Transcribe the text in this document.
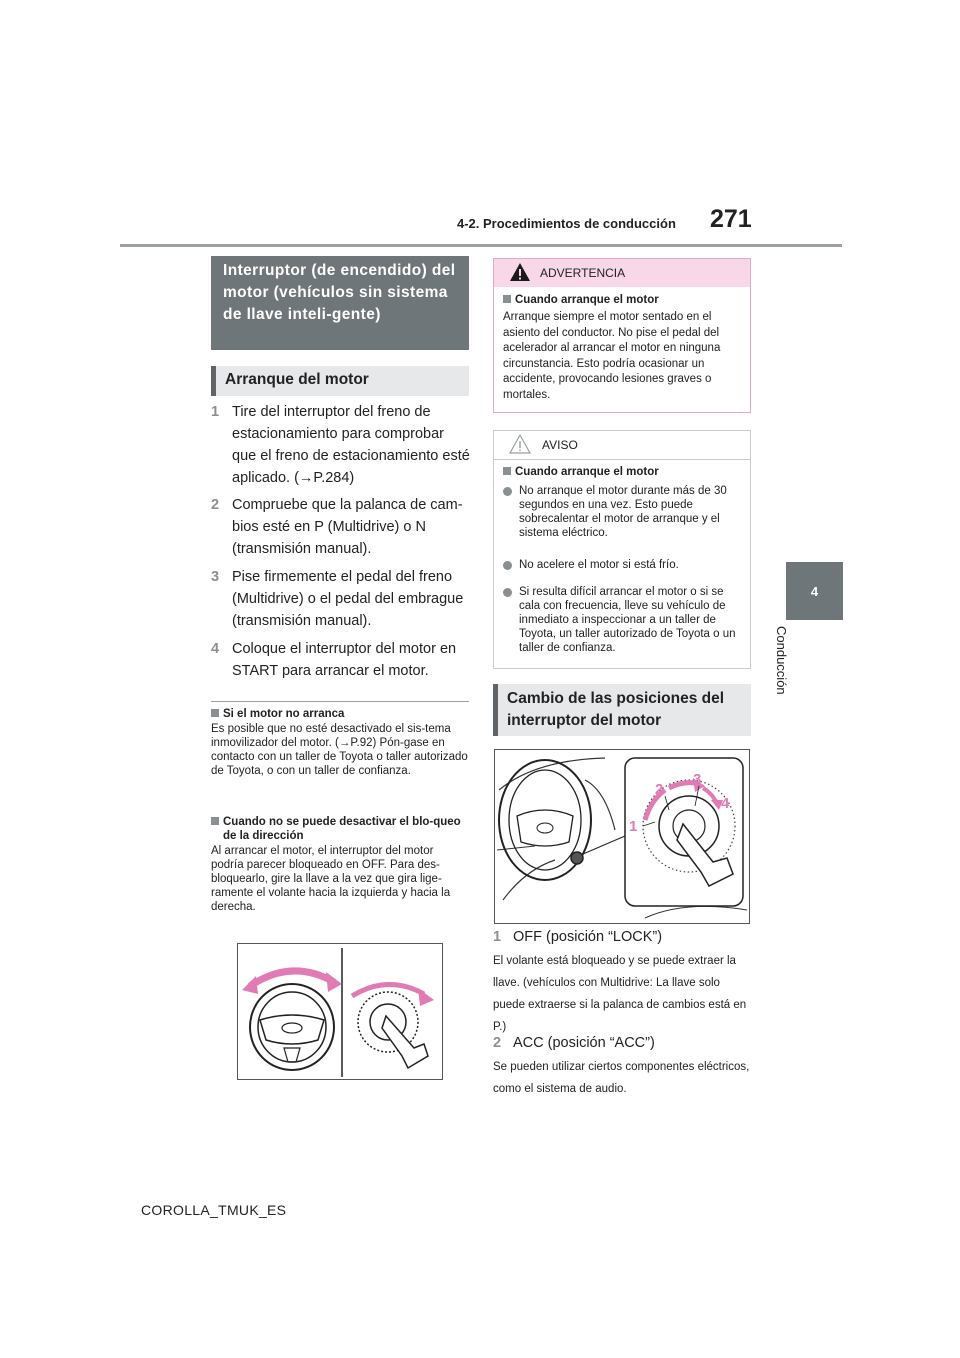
4-2. Procedimientos de conducción 271
4
Conducción
Interruptor (de encendido) del motor (vehículos sin sistema de llave inteli-gente)
Arranque del motor
1 Tire del interruptor del freno de estacionamiento para comprobar que el freno de estacionamiento esté aplicado. (→P.284)
2 Compruebe que la palanca de cam-bios esté en P (Multidrive) o N (transmisión manual).
3 Pise firmemente el pedal del freno (Multidrive) o el pedal del embrague (transmisión manual).
4 Coloque el interruptor del motor en START para arrancar el motor.
Si el motor no arranca
Es posible que no esté desactivado el sis-tema inmovilizador del motor. (→P.92) Pón-gase en contacto con un taller de Toyota o taller autorizado de Toyota, o con un taller de confianza.
Cuando no se puede desactivar el blo-queo de la dirección
Al arrancar el motor, el interruptor del motor podría parecer bloqueado en OFF. Para des-bloquearlo, gire la llave a la vez que gira lige-ramente el volante hacia la izquierda y hacia la derecha.
ADVERTENCIA
Cuando arranque el motor
Arranque siempre el motor sentado en el asiento del conductor. No pise el pedal del acelerador al arrancar el motor en ninguna circunstancia. Esto podría ocasionar un accidente, provocando lesiones graves o mortales.
AVISO
Cuando arranque el motor
No arranque el motor durante más de 30 segundos en una vez. Esto puede sobrecalentar el motor de arranque y el sistema eléctrico.
No acelere el motor si está frío.
Si resulta difícil arrancar el motor o si se cala con frecuencia, lleve su vehículo de inmediato a inspeccionar a un taller de Toyota, un taller autorizado de Toyota o un taller de confianza.
Cambio de las posiciones del interruptor del motor
1
2
3
4
1 OFF (posición “LOCK”)
El volante está bloqueado y se puede extraer la llave. (vehículos con Multidrive: La llave solo puede extraerse si la palanca de cambios está en P.)
2 ACC (posición “ACC”)
Se pueden utilizar ciertos componentes eléctricos, como el sistema de audio.
COROLLA_TMUK_ES
